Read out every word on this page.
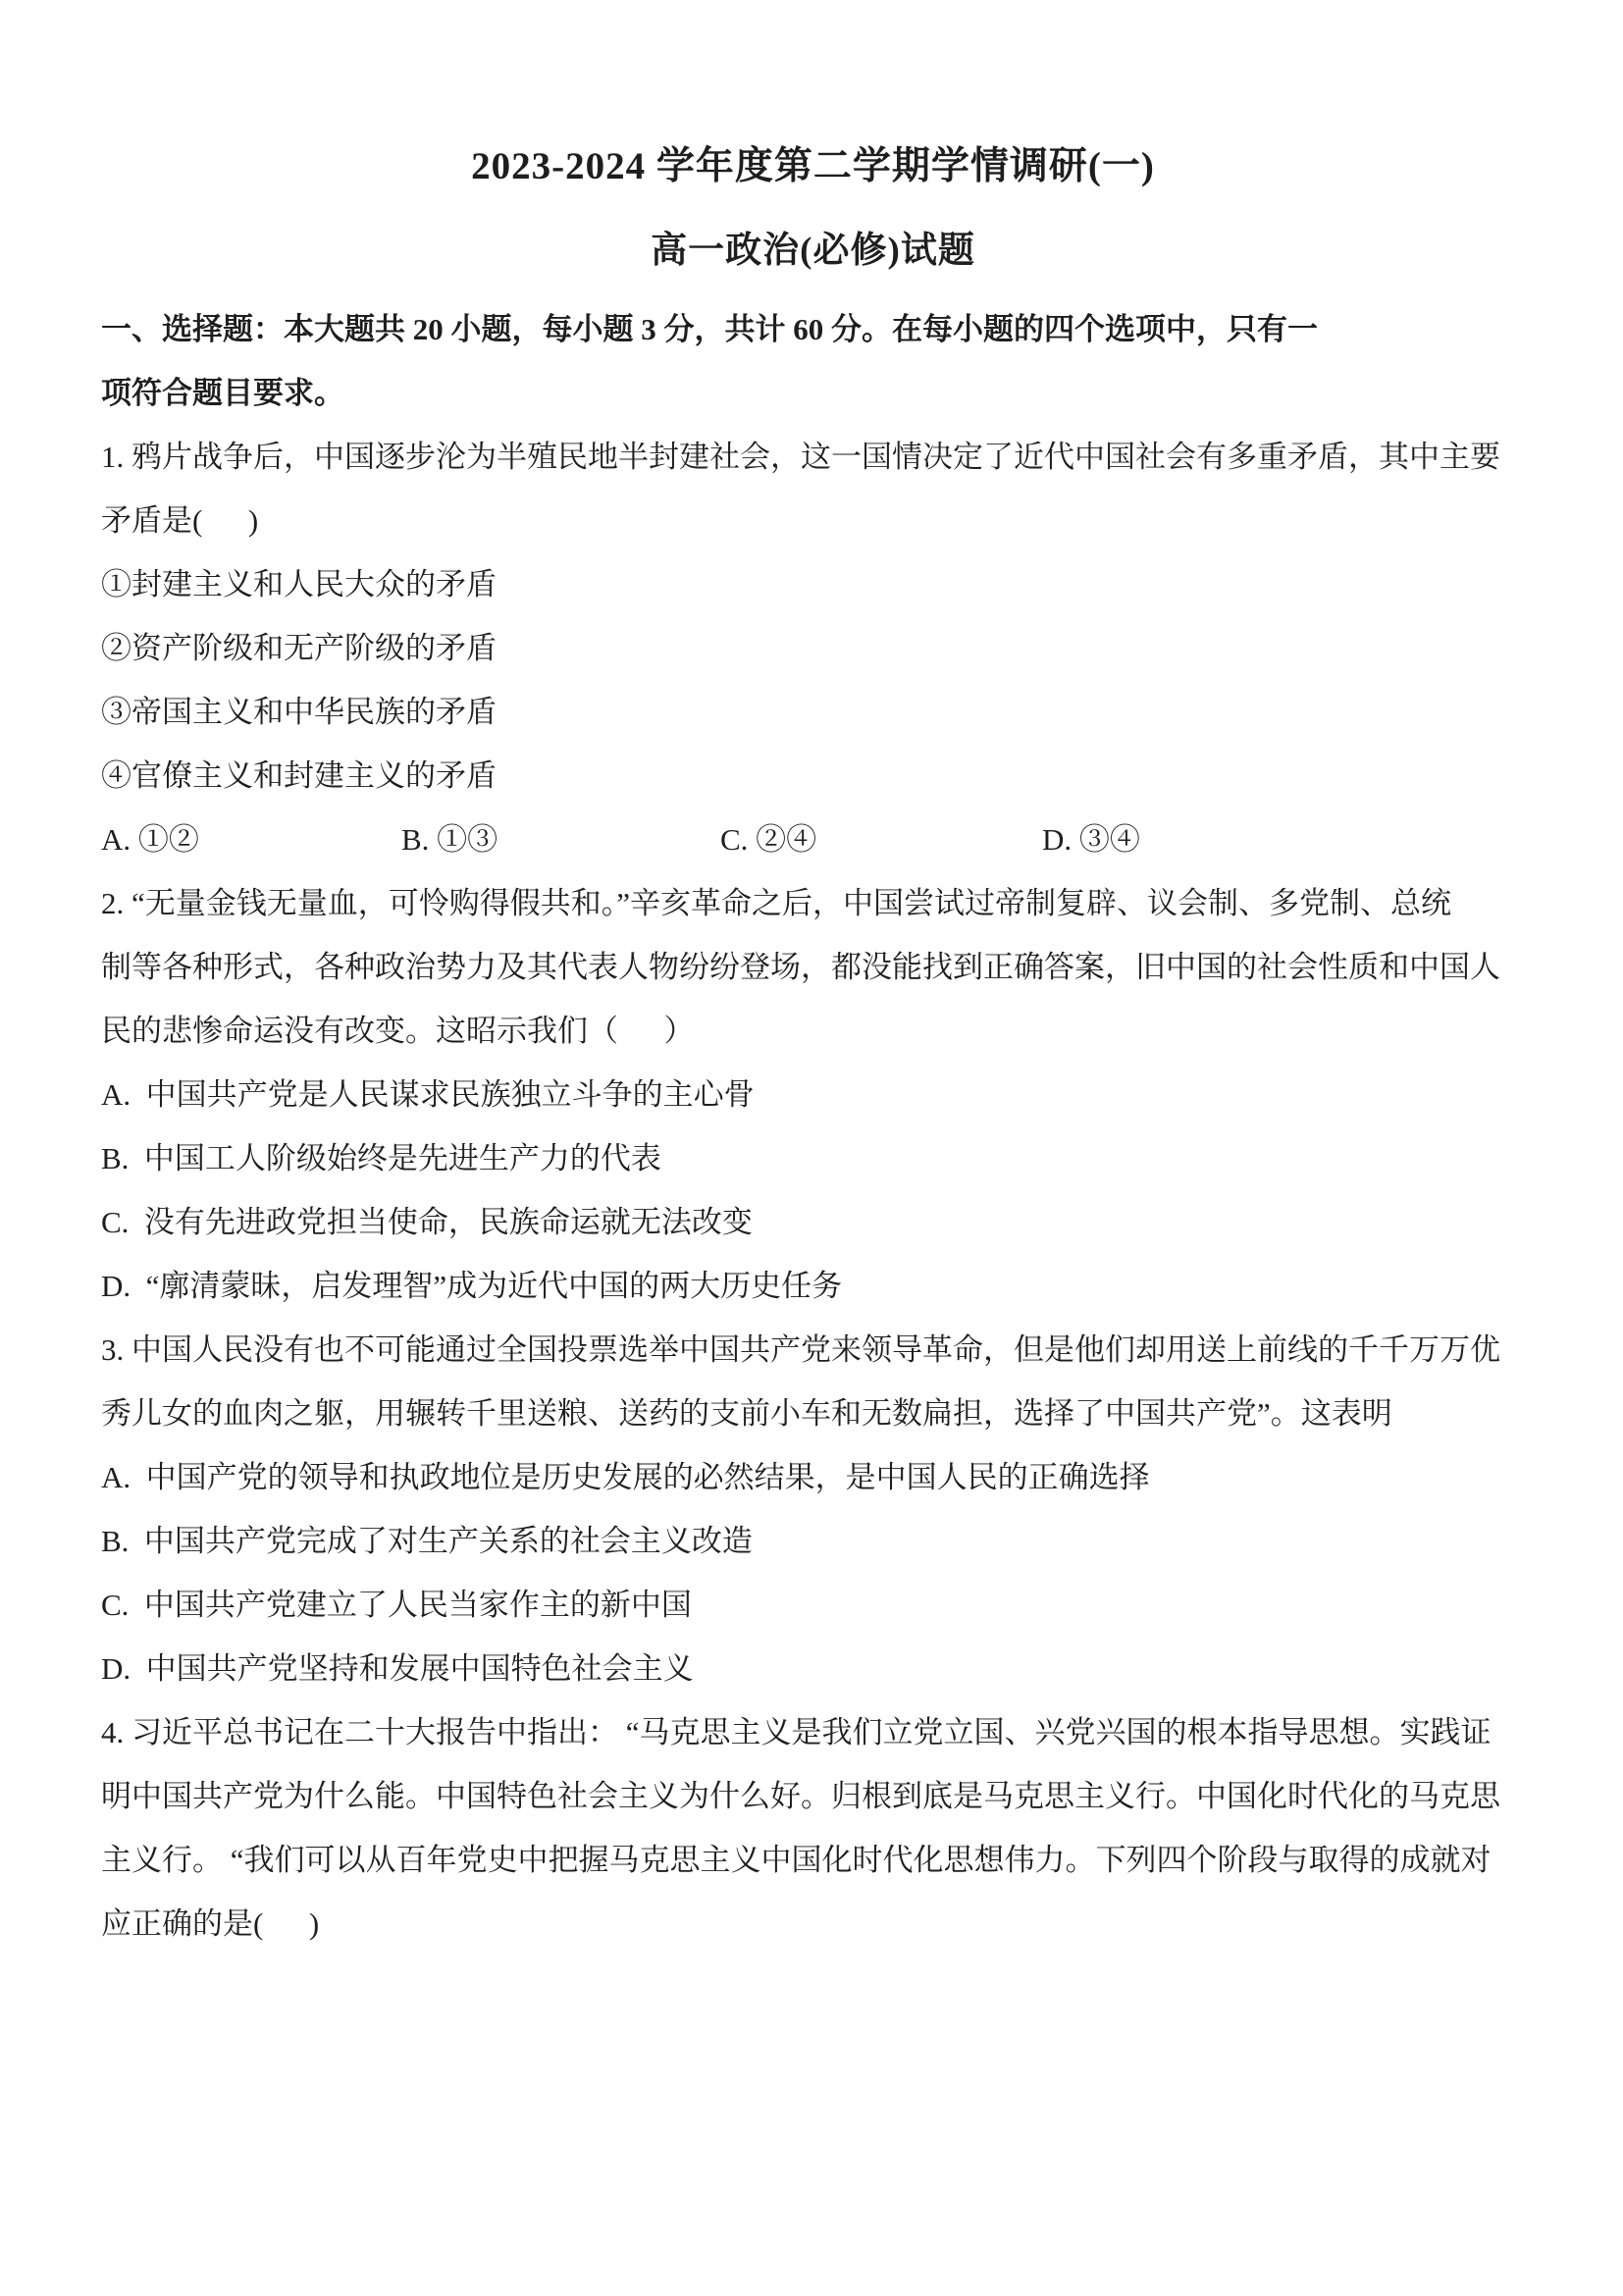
2023-2024 学年度第二学期学情调研(一)
高一政治(必修)试题

一、选择题：本大题共 20 小题，每小题 3 分，共计 60 分。在每小题的四个选项中，只有一

项符合题目要求。

1. 鸦片战争后，中国逐步沦为半殖民地半封建社会，这一国情决定了近代中国社会有多重矛盾，其中主要

矛盾是(      )

①封建主义和人民大众的矛盾

②资产阶级和无产阶级的矛盾

③帝国主义和中华民族的矛盾

④官僚主义和封建主义的矛盾

A. ①②	B. ①③	C. ②④	D. ③④

2. “无量金钱无量血，可怜购得假共和。”辛亥革命之后，中国尝试过帝制复辟、议会制、多党制、总统

制等各种形式，各种政治势力及其代表人物纷纷登场，都没能找到正确答案，旧中国的社会性质和中国人

民的悲惨命运没有改变。这昭示我们（      ）

A.  中国共产党是人民谋求民族独立斗争的主心骨

B.  中国工人阶级始终是先进生产力的代表

C.  没有先进政党担当使命，民族命运就无法改变

D.  “廓清蒙昧，启发理智”成为近代中国的两大历史任务

3. 中国人民没有也不可能通过全国投票选举中国共产党来领导革命，但是他们却用送上前线的千千万万优

秀儿女的血肉之躯，用辗转千里送粮、送药的支前小车和无数扁担，选择了中国共产党”。这表明

A.  中国产党的领导和执政地位是历史发展的必然结果，是中国人民的正确选择

B.  中国共产党完成了对生产关系的社会主义改造

C.  中国共产党建立了人民当家作主的新中国

D.  中国共产党坚持和发展中国特色社会主义

4. 习近平总书记在二十大报告中指出： “马克思主义是我们立党立国、兴党兴国的根本指导思想。实践证

明中国共产党为什么能。中国特色社会主义为什么好。归根到底是马克思主义行。中国化时代化的马克思

主义行。 “我们可以从百年党史中把握马克思主义中国化时代化思想伟力。下列四个阶段与取得的成就对

应正确的是(      )
